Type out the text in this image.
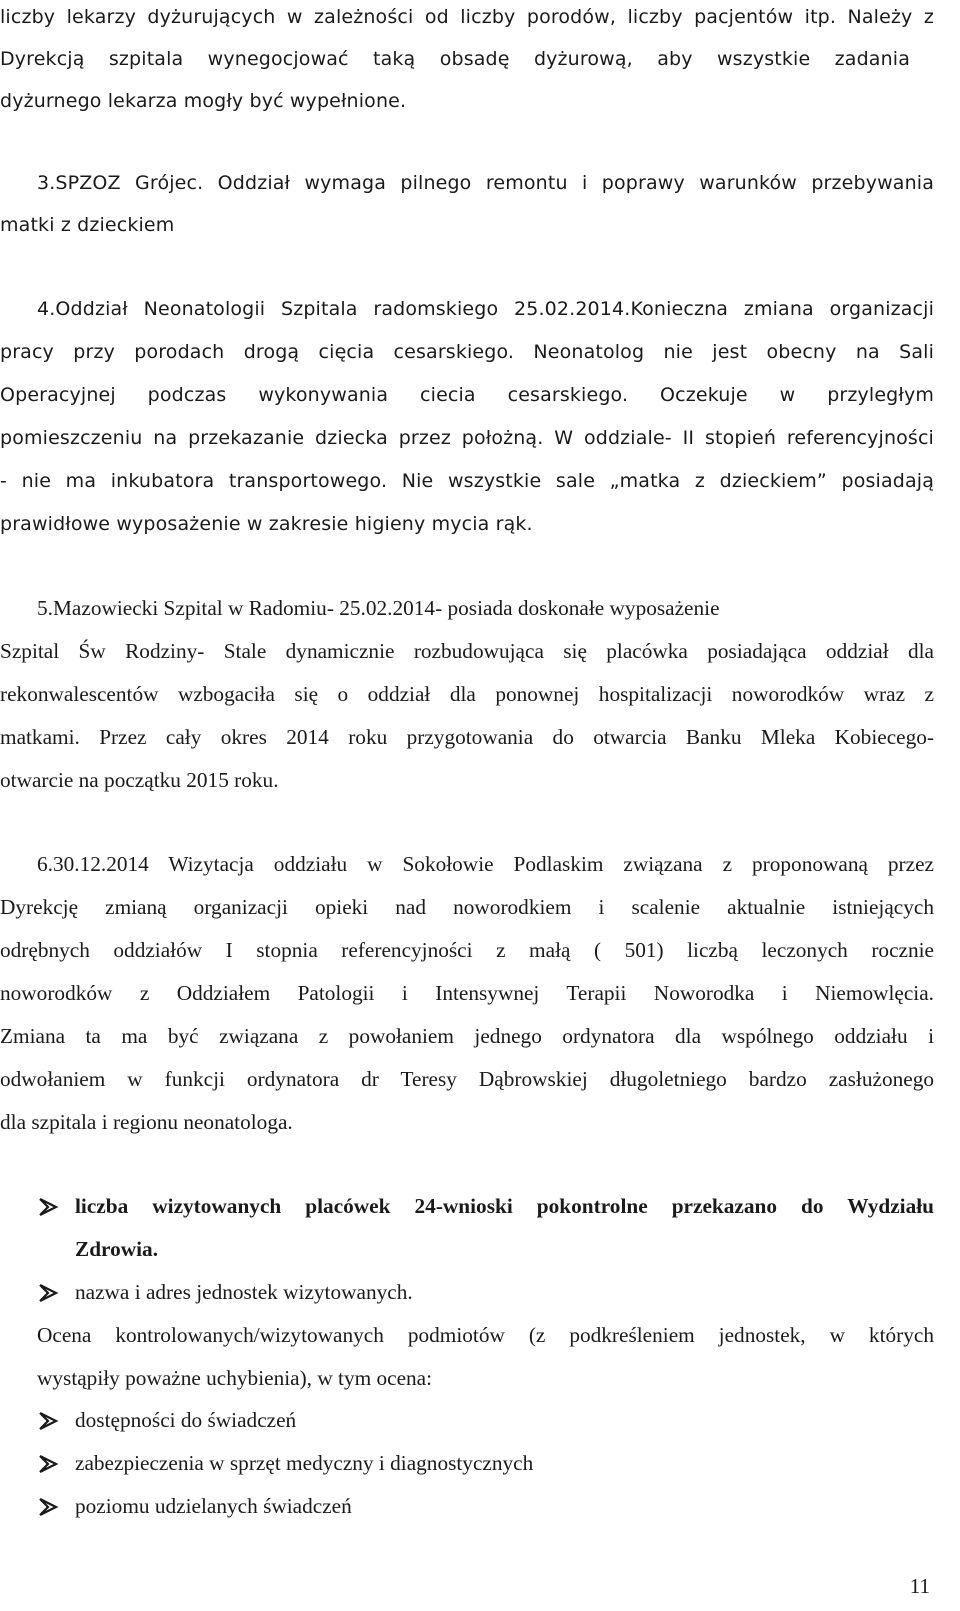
liczby lekarzy dyżurujących w zależności od liczby porodów, liczby pacjentów itp. Należy z
Dyrekcją szpitala wynegocjować taką obsadę dyżurową, aby wszystkie zadania
dyżurnego lekarza mogły być wypełnione.
3.SPZOZ Grójec. Oddział wymaga pilnego remontu i poprawy warunków przebywania
matki z dzieckiem
4.Oddział Neonatologii Szpitala radomskiego 25.02.2014.Konieczna zmiana organizacji
pracy przy porodach drogą cięcia cesarskiego. Neonatolog nie jest obecny na Sali
Operacyjnej podczas wykonywania ciecia cesarskiego. Oczekuje w przyległym
pomieszczeniu na przekazanie dziecka przez położną. W oddziale- II stopień referencyjności
- nie ma inkubatora transportowego. Nie wszystkie sale „matka z dzieckiem” posiadają
prawidłowe wyposażenie w zakresie higieny mycia rąk.
5.Mazowiecki Szpital w Radomiu- 25.02.2014- posiada doskonałe wyposażenie
Szpital Św Rodziny- Stale dynamicznie rozbudowująca się placówka posiadająca oddział dla
rekonwalescentów wzbogaciła się o oddział dla ponownej hospitalizacji noworodków wraz z
matkami. Przez cały okres 2014 roku przygotowania do otwarcia Banku Mleka Kobiecego-
otwarcie na początku 2015 roku.
6.30.12.2014 Wizytacja oddziału w Sokołowie Podlaskim związana z proponowaną przez
Dyrekcję zmianą organizacji opieki nad noworodkiem i scalenie aktualnie istniejących
odrębnych oddziałów I stopnia referencyjności z małą ( 501) liczbą leczonych rocznie
noworodków z Oddziałem Patologii i Intensywnej Terapii Noworodka i Niemowlęcia.
Zmiana ta ma być związana z powołaniem jednego ordynatora dla wspólnego oddziału i
odwołaniem w funkcji ordynatora dr Teresy Dąbrowskiej długoletniego bardzo zasłużonego
dla szpitala i regionu neonatologa.
liczba wizytowanych placówek 24-wnioski pokontrolne przekazano do Wydziału
Zdrowia.
nazwa i adres jednostek wizytowanych.
Ocena kontrolowanych/wizytowanych podmiotów (z podkreśleniem jednostek, w których
wystąpiły poważne uchybienia), w tym ocena:
dostępności do świadczeń
zabezpieczenia w sprzęt medyczny i diagnostycznych
poziomu udzielanych świadczeń
11
